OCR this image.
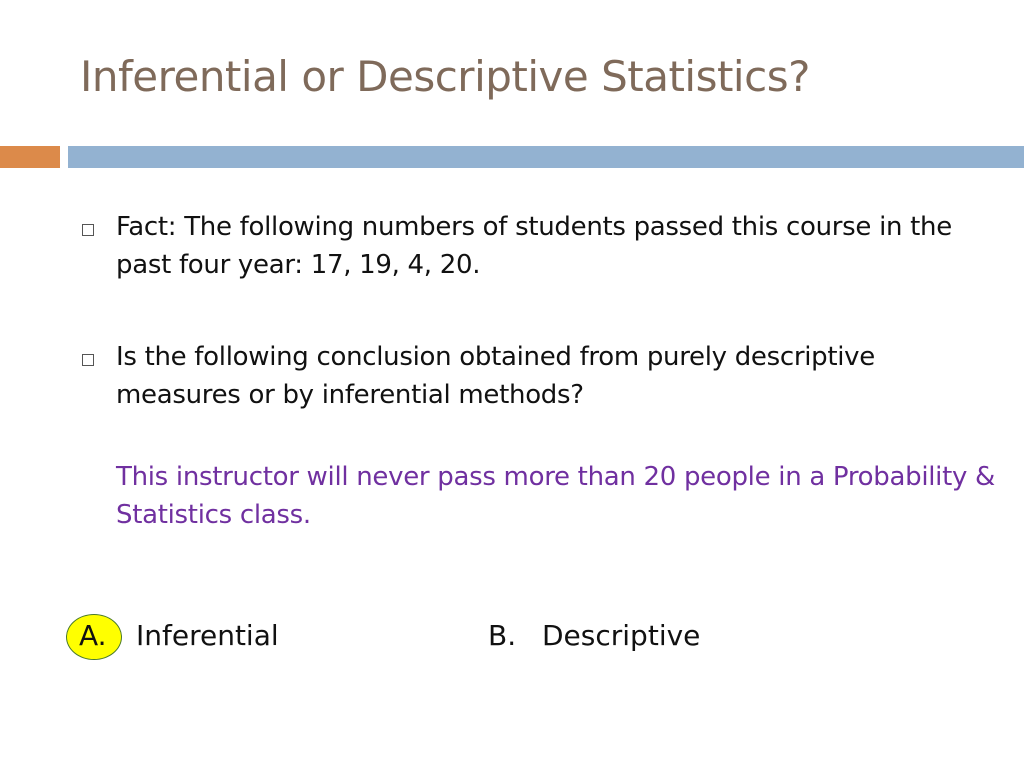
Inferential or Descriptive Statistics?
Fact: The following numbers of students passed this course in the past four year: 17, 19, 4, 20.
Is the following conclusion obtained from purely descriptive measures or by inferential methods?
This instructor will never pass more than 20 people in a Probability & Statistics class.
A. Inferential	B. Descriptive
